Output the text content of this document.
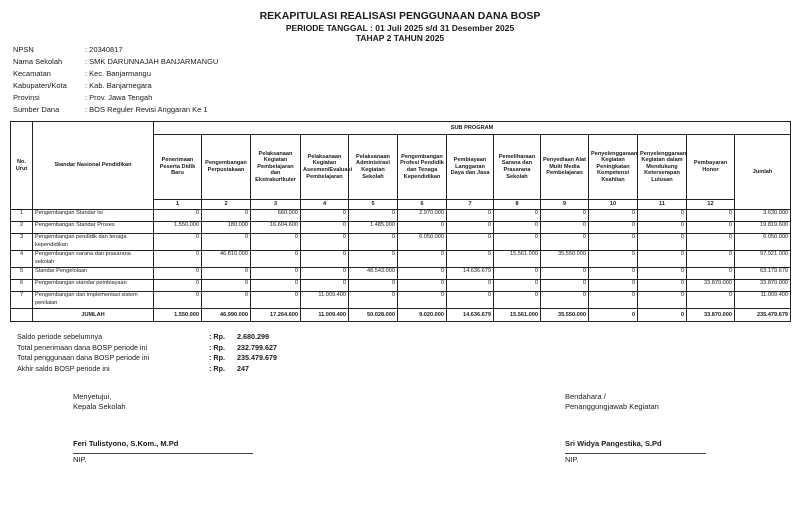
REKAPITULASI REALISASI PENGGUNAAN DANA BOSP
PERIODE TANGGAL : 01 Juli 2025 s/d 31 Desember 2025
TAHAP 2 TAHUN 2025
NPSN	: 20340817
Nama Sekolah	: SMK DARUNNAJAH BANJARMANGU
Kecamatan	: Kec. Banjarmangu
Kabupaten/Kota	: Kab. Banjarnegara
Provinsi	: Prov. Jawa Tengah
Sumber Dana	: BOS Reguler Revisi Anggaran Ke 1
No. Urut	Standar Nasional Pendidikan	SUB PROGRAM												
		Penerimaan Peserta Didik Baru	Pengembangan Perpustakaan	Pelaksanaan Kegiatan Pembelajaran dan Ekstrakurikuler	Pelaksanaan Kegiatan Asesmen/Evaluasi Pembelajaran	Pelaksanaan Administrasi Kegiatan Sekolah	Pengembangan Profesi Pendidik dan Tenaga Kependidikan	Pembiayaan Langganan Daya dan Jasa	Pemeliharaan Sarana dan Prasarana Sekolah	Penyediaan Alat Multi Media Pembelajaran	Penyelenggaraan Kegiatan Peningkatan Kompetensi Keahlian	Penyelenggaraan Kegiatan dalam Mendukung Keterserapan Lulusan	Pembayaran Honor	Jumlah
		1	2	3	4	5	6	7	8	9	10	11	12	
1	Pengembangan Standar Isi	0	0	660.000	0	0	2.970.000	0	0	0	0	0	0	3.630.000
2	Pengembangan Standar Proses	1.550.000	180.000	16.604.600	0	1.485.000	0	0	0	0	0	0	0	19.819.600
3	Pengembangan pendidik dan tenaga kependidikan	0	0	0	0	0	6.050.000	0	0	0	0	0	0	6.050.000
4	Pengembangan sarana dan prasarana sekolah	0	46.810.000	0	0	0	0	0	15.561.000	35.550.000	0	0	0	97.921.000
5	Standar Pengelolaan	0	0	0	0	48.543.000	0	14.636.679	0	0	0	0	0	63.179.679
6	Pengembangan standar pembiayaan	0	0	0	0	0	0	0	0	0	0	0	33.870.000	33.870.000
7	Pengembangan dan implementasi sistem penilaian	0	0	0	11.009.400	0	0	0	0	0	0	0	0	11.009.400
	JUMLAH	1.550.000	46.990.000	17.264.600	11.009.400	50.028.000	9.020.000	14.636.679	15.561.000	35.550.000	0	0	33.870.000	235.479.679
Saldo periode sebelumnya	: Rp.	2.680.299
Total penerimaan dana BOSP periode ini	: Rp.	232.799.627
Total penggunaan dana BOSP periode ini	: Rp.	235.479.679
Akhir saldo BOSP periode ini	: Rp.	247
Menyetujui,
Kepala Sekolah
Feri Tulistyono, S.Kom., M.Pd
NIP.
Bendahara /
Penanggungjawab Kegiatan
Sri Widya Pangestika, S.Pd
NIP.
